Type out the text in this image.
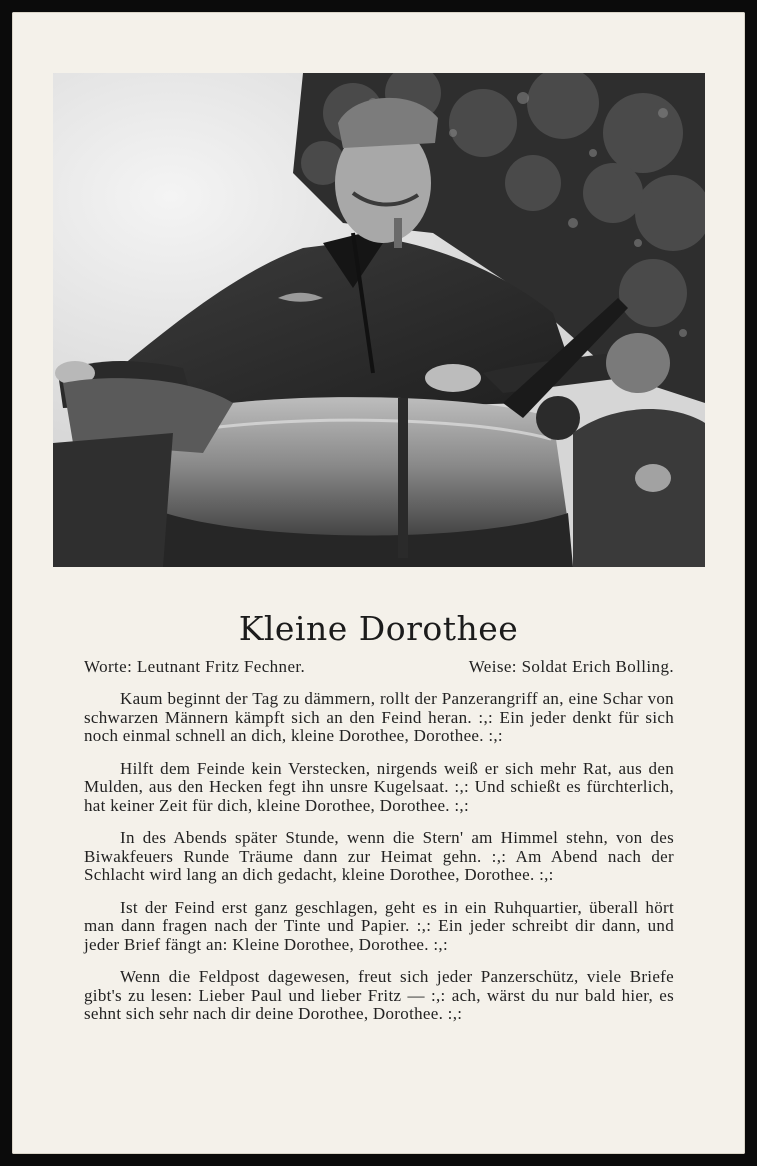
Kleine Dorothee
Worte: Leutnant Fritz Fechner.	Weise: Soldat Erich Bolling.

Kaum beginnt der Tag zu dämmern, rollt der Panzerangriff an, eine Schar von schwarzen Männern kämpft sich an den Feind heran. :,: Ein jeder denkt für sich noch einmal schnell an dich, kleine Dorothee, Dorothee. :,:

Hilft dem Feinde kein Verstecken, nirgends weiß er sich mehr Rat, aus den Mulden, aus den Hecken fegt ihn unsre Kugelsaat. :,: Und schießt es fürchterlich, hat keiner Zeit für dich, kleine Dorothee, Dorothee. :,:

In des Abends später Stunde, wenn die Stern' am Himmel stehn, von des Biwakfeuers Runde Träume dann zur Heimat gehn. :,: Am Abend nach der Schlacht wird lang an dich gedacht, kleine Dorothee, Dorothee. :,:

Ist der Feind erst ganz geschlagen, geht es in ein Ruhquartier, überall hört man dann fragen nach der Tinte und Papier. :,: Ein jeder schreibt dir dann, und jeder Brief fängt an: Kleine Dorothee, Dorothee. :,:

Wenn die Feldpost dagewesen, freut sich jeder Panzerschütz, viele Briefe gibt's zu lesen: Lieber Paul und lieber Fritz — :,: ach, wärst du nur bald hier, es sehnt sich sehr nach dir deine Dorothee, Dorothee. :,:
